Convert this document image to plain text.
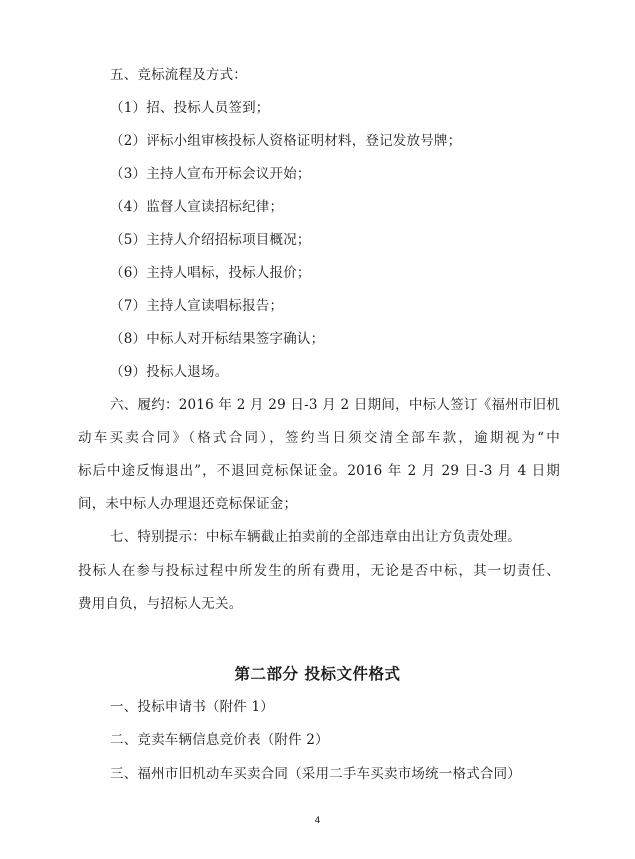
五、竞标流程及方式：
（1）招、投标人员签到；
（2）评标小组审核投标人资格证明材料，登记发放号牌；
（3）主持人宣布开标会议开始；
（4）监督人宣读招标纪律；
（5）主持人介绍招标项目概况；
（6）主持人唱标，投标人报价；
（7）主持人宣读唱标报告；
（8）中标人对开标结果签字确认；
（9）投标人退场。
六、履约：2016 年 2 月 29 日-3 月 2 日期间，中标人签订《福州市旧机
动车买卖合同》（格式合同），签约当日须交清全部车款，逾期视为“中
标后中途反悔退出”，不退回竞标保证金。2016 年 2 月 29 日-3 月 4 日期
间，未中标人办理退还竞标保证金；
七、特别提示：中标车辆截止拍卖前的全部违章由出让方负责处理。
投标人在参与投标过程中所发生的所有费用，无论是否中标，其一切责任、
费用自负，与招标人无关。
第二部分 投标文件格式
一、投标申请书（附件 1）
二、竞卖车辆信息竞价表（附件 2）
三、福州市旧机动车买卖合同（采用二手车买卖市场统一格式合同）
4
